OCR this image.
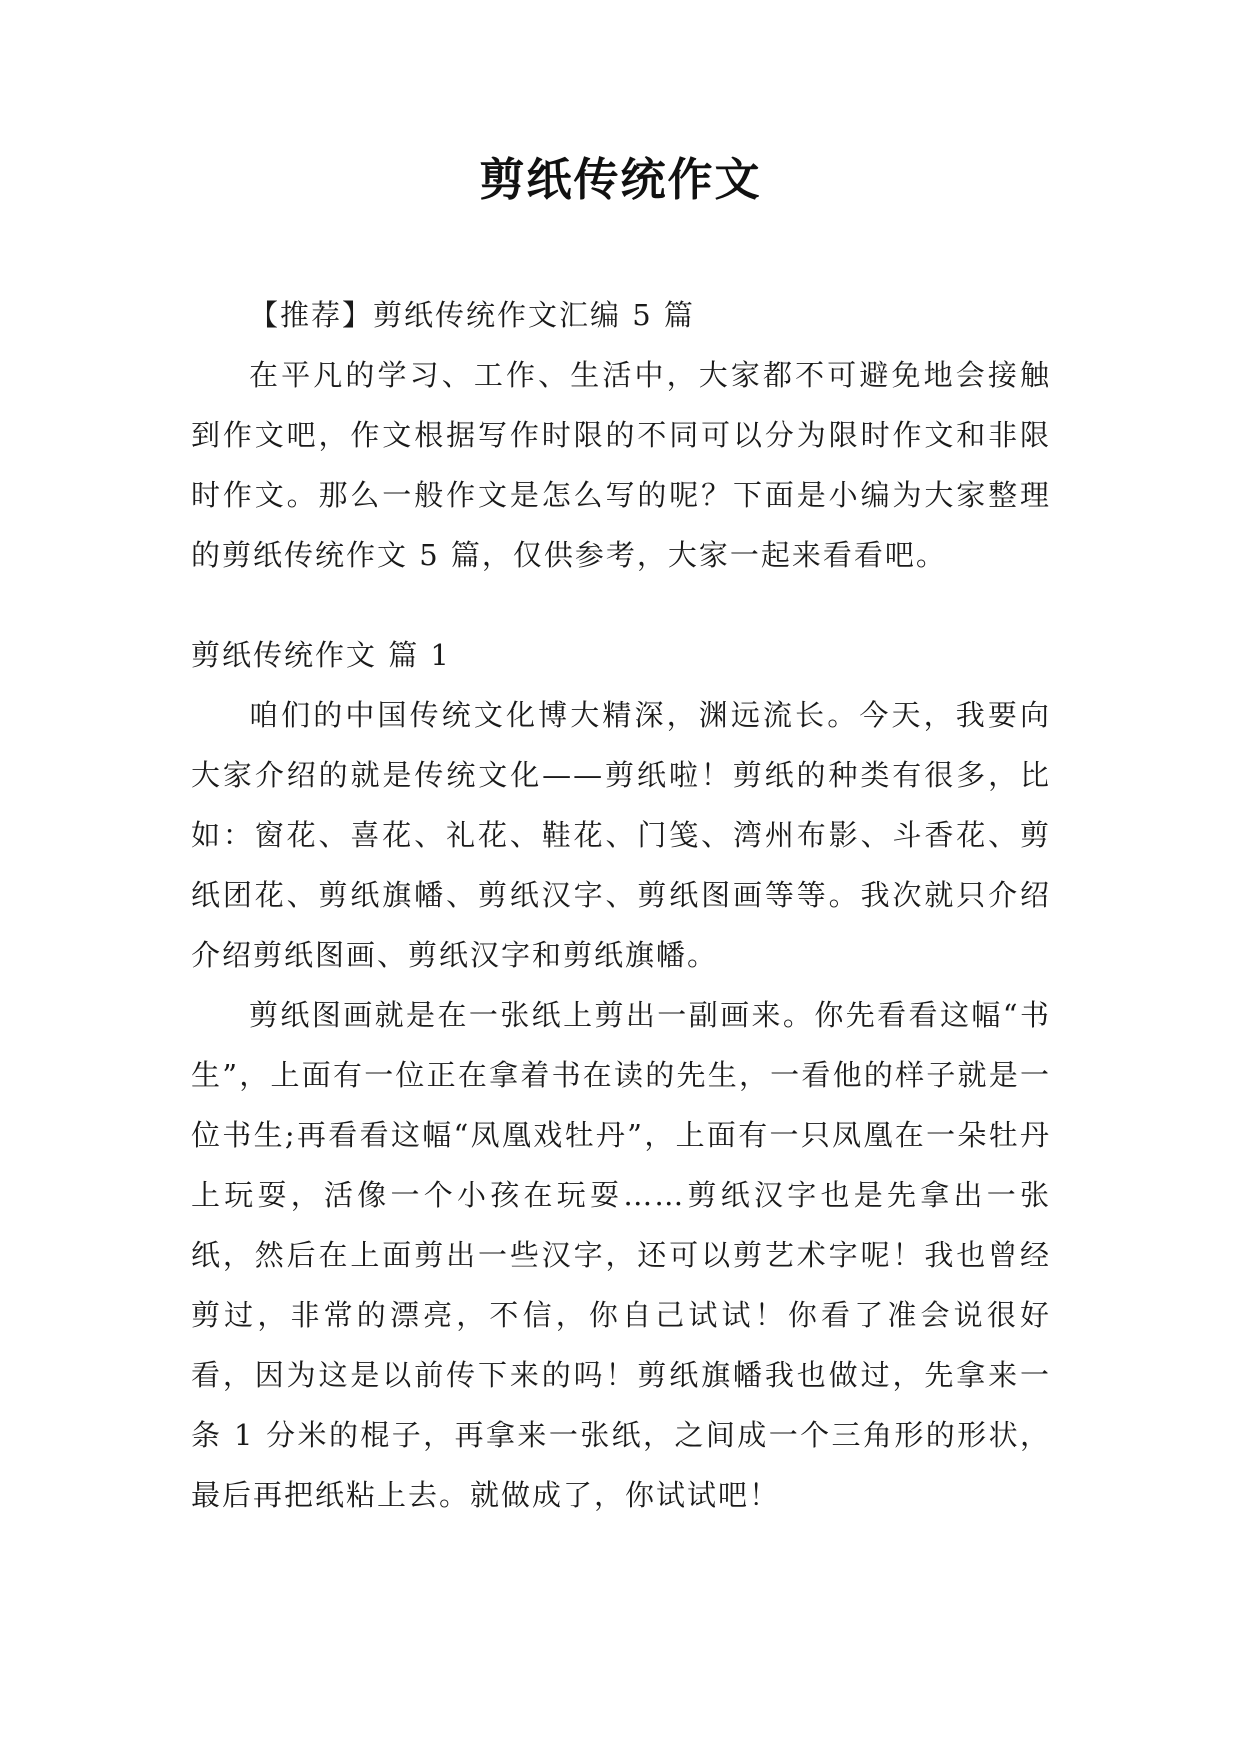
剪纸传统作文

【推荐】剪纸传统作文汇编 5 篇

在平凡的学习、工作、生活中，大家都不可避免地会接触到作文吧，作文根据写作时限的不同可以分为限时作文和非限时作文。那么一般作文是怎么写的呢？下面是小编为大家整理的剪纸传统作文 5 篇，仅供参考，大家一起来看看吧。

剪纸传统作文 篇 1

咱们的中国传统文化博大精深，渊远流长。今天，我要向大家介绍的就是传统文化——剪纸啦！剪纸的种类有很多，比如：窗花、喜花、礼花、鞋花、门笺、湾州布影、斗香花、剪纸团花、剪纸旗幡、剪纸汉字、剪纸图画等等。我次就只介绍介绍剪纸图画、剪纸汉字和剪纸旗幡。

剪纸图画就是在一张纸上剪出一副画来。你先看看这幅“书生”，上面有一位正在拿着书在读的先生，一看他的样子就是一位书生;再看看这幅“凤凰戏牡丹”，上面有一只凤凰在一朵牡丹上玩耍，活像一个小孩在玩耍……剪纸汉字也是先拿出一张纸，然后在上面剪出一些汉字，还可以剪艺术字呢！我也曾经剪过，非常的漂亮，不信，你自己试试！你看了准会说很好看，因为这是以前传下来的吗！剪纸旗幡我也做过，先拿来一条 1 分米的棍子，再拿来一张纸，之间成一个三角形的形状，最后再把纸粘上去。就做成了，你试试吧！
